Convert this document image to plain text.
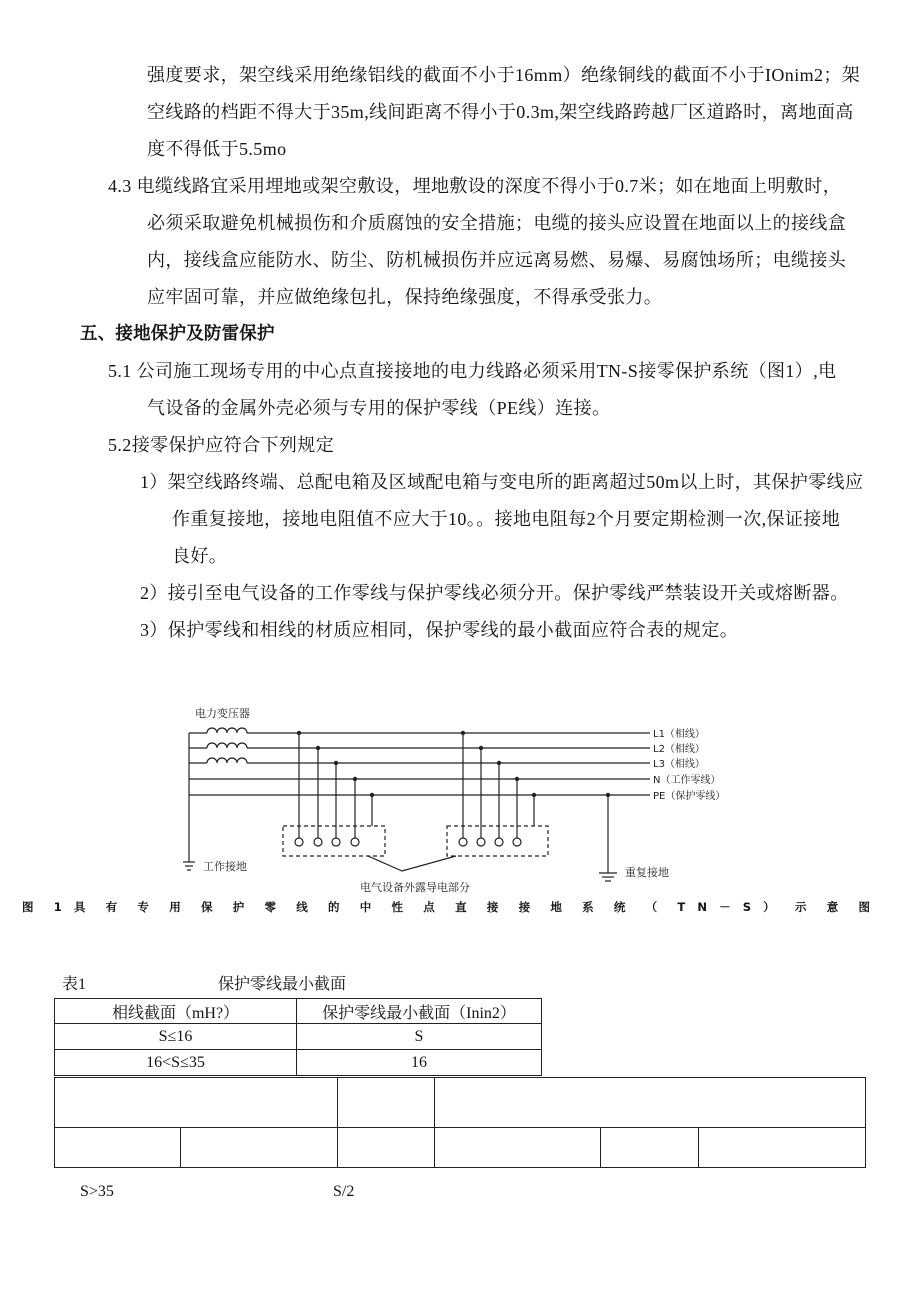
强度要求，架空线采用绝缘铝线的截面不小于16mm）绝缘铜线的截面不小于IOnim2；架
空线路的档距不得大于35m,线间距离不得小于0.3m,架空线路跨越厂区道路时，离地面高
度不得低于5.5mo
4.3 电缆线路宜采用埋地或架空敷设，埋地敷设的深度不得小于0.7米；如在地面上明敷时，
必须采取避免机械损伤和介质腐蚀的安全措施；电缆的接头应设置在地面以上的接线盒
内，接线盒应能防水、防尘、防机械损伤并应远离易燃、易爆、易腐蚀场所；电缆接头
应牢固可靠，并应做绝缘包扎，保持绝缘强度，不得承受张力。
五、接地保护及防雷保护
5.1 公司施工现场专用的中心点直接接地的电力线路必须采用TN-S接零保护系统（图1）,电
气设备的金属外壳必须与专用的保护零线（PE线）连接。
5.2接零保护应符合下列规定
1）架空线路终端、总配电箱及区域配电箱与变电所的距离超过50m以上时，其保护零线应
作重复接地，接地电阻值不应大于10。。接地电阻每2个月要定期检测一次,保证接地
良好。
2）接引至电气设备的工作零线与保护零线必须分开。保护零线严禁装设开关或熔断器。
3）保护零线和相线的材质应相同，保护零线的最小截面应符合表的规定。
电力变压器
L1（相线）
L2（相线）
L3（相线）
N（工作零线）
PE（保护零线）
工作接地
电气设备外露导电部分
重复接地
图 1 具 有 专 用 保 护 零 线 的 中 性 点 直 接 接 地 系 统 （ T N － S ） 示 意 图
表1	保护零线最小截面
相线截面（mH?）	保护零线最小截面（Inin2）
S≤16	S
16<S≤35	16
S>35	S/2
